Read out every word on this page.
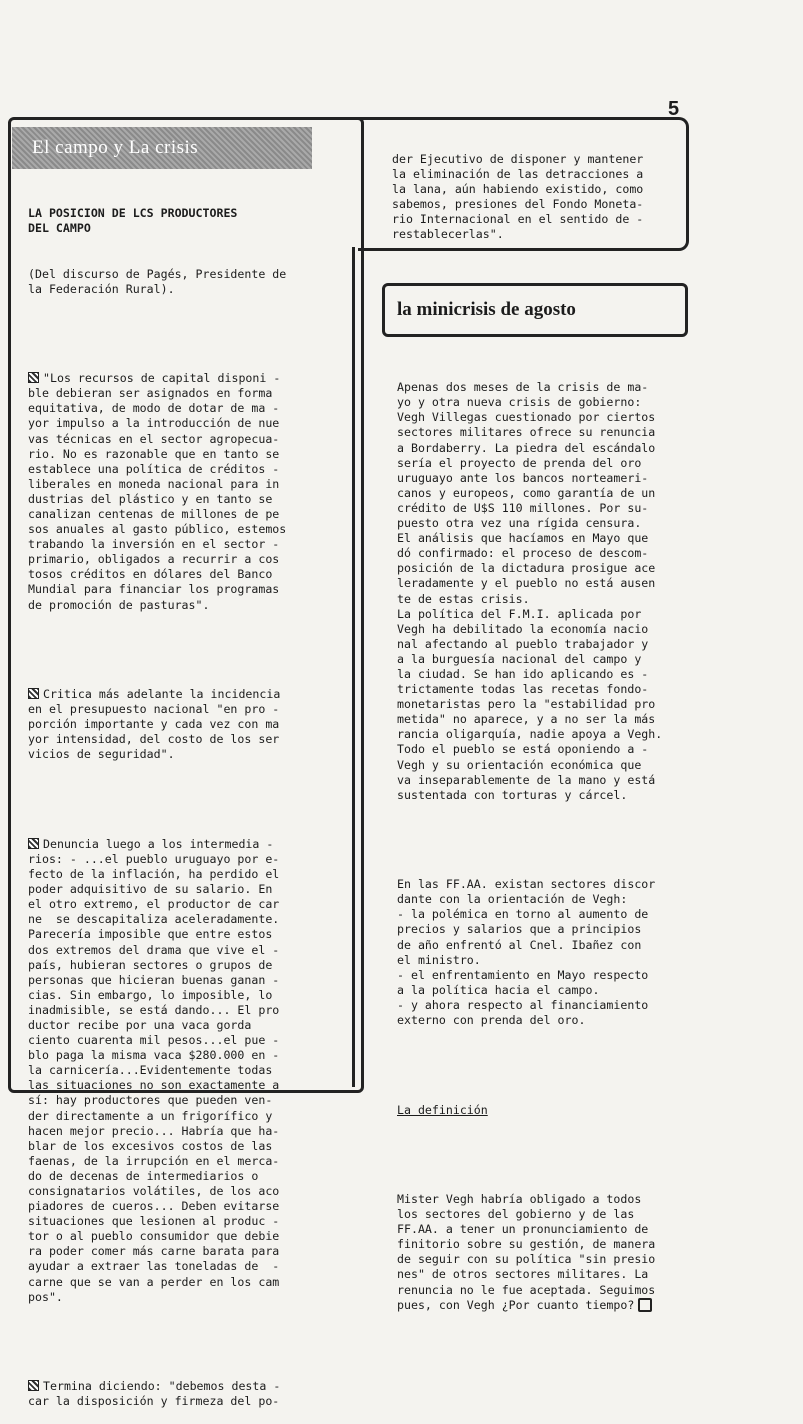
5
El campo y La crisis

LA POSICION DE LCS PRODUCTORES
DEL CAMPO

(Del discurso de Pagés, Presidente de
la Federación Rural).

"Los recursos de capital disponi -
ble debieran ser asignados en forma
equitativa, de modo de dotar de ma -
yor impulso a la introducción de nue
vas técnicas en el sector agropecua-
rio. No es razonable que en tanto se
establece una política de créditos -
liberales en moneda nacional para in
dustrias del plástico y en tanto se
canalizan centenas de millones de pe
sos anuales al gasto público, estemos
trabando la inversión en el sector -
primario, obligados a recurrir a cos
tosos créditos en dólares del Banco
Mundial para financiar los programas
de promoción de pasturas".

Critica más adelante la incidencia
en el presupuesto nacional "en pro -
porción importante y cada vez con ma
yor intensidad, del costo de los ser
vicios de seguridad".

Denuncia luego a los intermedia -
rios: - ...el pueblo uruguayo por e-
fecto de la inflación, ha perdido el
poder adquisitivo de su salario. En
el otro extremo, el productor de car
ne  se descapitaliza aceleradamente.
Parecería imposible que entre estos
dos extremos del drama que vive el -
país, hubieran sectores o grupos de
personas que hicieran buenas ganan -
cias. Sin embargo, lo imposible, lo
inadmisible, se está dando... El pro
ductor recibe por una vaca gorda
ciento cuarenta mil pesos...el pue -
blo paga la misma vaca $280.000 en -
la carnicería...Evidentemente todas
las situaciones no son exactamente a
sí: hay productores que pueden ven-
der directamente a un frigorífico y
hacen mejor precio... Habría que ha-
blar de los excesivos costos de las
faenas, de la irrupción en el merca-
do de decenas de intermediarios o
consignatarios volátiles, de los aco
piadores de cueros... Deben evitarse
situaciones que lesionen al produc -
tor o al pueblo consumidor que debie
ra poder comer más carne barata para
ayudar a extraer las toneladas de  -
carne que se van a perder en los cam
pos".

Termina diciendo: "debemos desta -
car la disposición y firmeza del po-

der Ejecutivo de disponer y mantener
la eliminación de las detracciones a
la lana, aún habiendo existido, como
sabemos, presiones del Fondo Moneta-
rio Internacional en el sentido de -
restablecerlas".
la minicrisis de agosto

Apenas dos meses de la crisis de ma-
yo y otra nueva crisis de gobierno:
Vegh Villegas cuestionado por ciertos
sectores militares ofrece su renuncia
a Bordaberry. La piedra del escándalo
sería el proyecto de prenda del oro
uruguayo ante los bancos norteameri-
canos y europeos, como garantía de un
crédito de U$S 110 millones. Por su-
puesto otra vez una rígida censura.
El análisis que hacíamos en Mayo que
dó confirmado: el proceso de descom-
posición de la dictadura prosigue ace
leradamente y el pueblo no está ausen
te de estas crisis.
La política del F.M.I. aplicada por
Vegh ha debilitado la economía nacio
nal afectando al pueblo trabajador y
a la burguesía nacional del campo y
la ciudad. Se han ido aplicando es -
trictamente todas las recetas fondo-
monetaristas pero la "estabilidad pro
metida" no aparece, y a no ser la más
rancia oligarquía, nadie apoya a Vegh.
Todo el pueblo se está oponiendo a -
Vegh y su orientación económica que
va inseparablemente de la mano y está
sustentada con torturas y cárcel.

En las FF.AA. existan sectores discor
dante con la orientación de Vegh:
- la polémica en torno al aumento de
precios y salarios que a principios
de año enfrentó al Cnel. Ibañez con
el ministro.
- el enfrentamiento en Mayo respecto
a la política hacia el campo.
- y ahora respecto al financiamiento
externo con prenda del oro.

La definición

Mister Vegh habría obligado a todos
los sectores del gobierno y de las
FF.AA. a tener un pronunciamiento de
finitorio sobre su gestión, de manera
de seguir con su política "sin presio
nes" de otros sectores militares. La
renuncia no le fue aceptada. Seguimos
pues, con Vegh ¿Por cuanto tiempo?
